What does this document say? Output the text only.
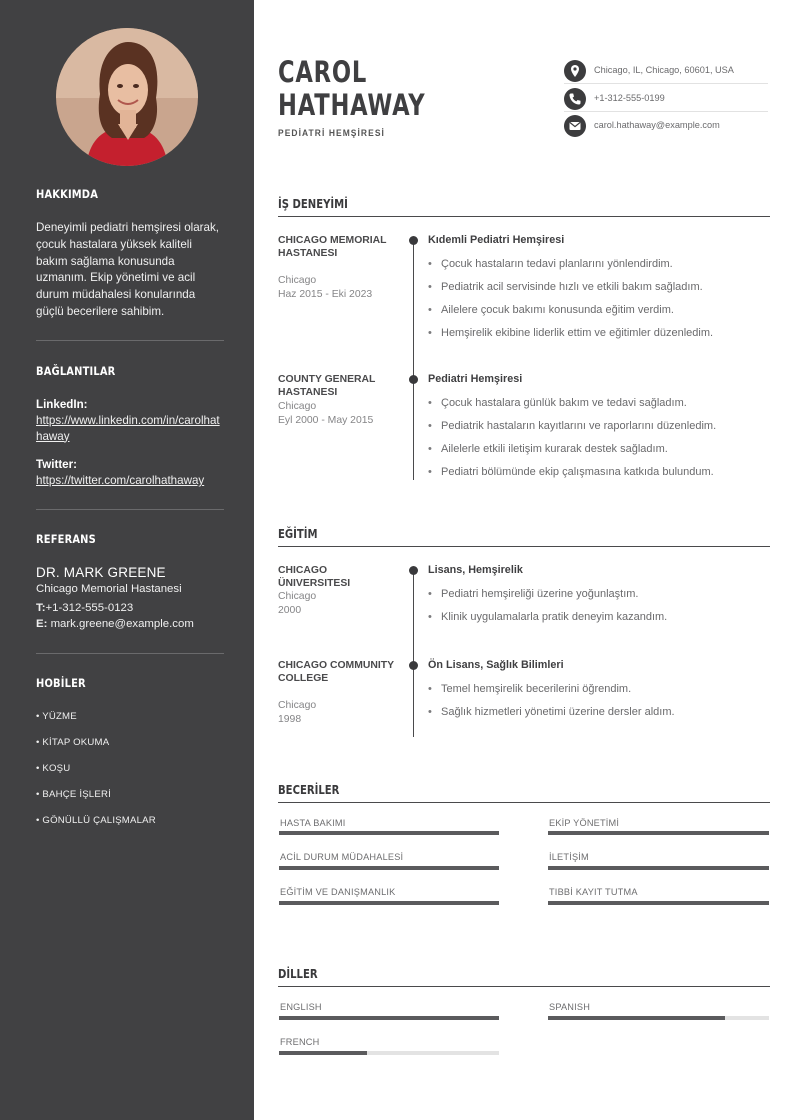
HAKKIMDA
Deneyimli pediatri hemşiresi olarak, çocuk hastalara yüksek kaliteli bakım sağlama konusunda uzmanım. Ekip yönetimi ve acil durum müdahalesi konularında güçlü becerilere sahibim.
BAĞLANTILAR
LinkedIn:
https://www.linkedin.com/in/carolhathaway
Twitter:
https://twitter.com/carolhathaway
REFERANS
DR. MARK GREENE
Chicago Memorial Hastanesi
T:+1-312-555-0123
E: mark.greene@example.com
HOBİLER
• YÜZME
• KİTAP OKUMA
• KOŞU
• BAHÇE İŞLERİ
• GÖNÜLLÜ ÇALIŞMALAR
CAROL
HATHAWAY
PEDİATRİ HEMŞİRESİ
Chicago, IL, Chicago, 60601, USA
+1-312-555-0199
carol.hathaway@example.com
İŞ DENEYİMİ
CHICAGO MEMORIAL HASTANESI
Chicago
Haz 2015 - Eki 2023
Kıdemli Pediatri Hemşiresi
• Çocuk hastaların tedavi planlarını yönlendirdim.
• Pediatrik acil servisinde hızlı ve etkili bakım sağladım.
• Ailelere çocuk bakımı konusunda eğitim verdim.
• Hemşirelik ekibine liderlik ettim ve eğitimler düzenledim.
COUNTY GENERAL HASTANESI
Chicago
Eyl 2000 - May 2015
Pediatri Hemşiresi
• Çocuk hastalara günlük bakım ve tedavi sağladım.
• Pediatrik hastaların kayıtlarını ve raporlarını düzenledim.
• Ailelerle etkili iletişim kurarak destek sağladım.
• Pediatri bölümünde ekip çalışmasına katkıda bulundum.
EĞİTİM
CHICAGO ÜNIVERSITESI
Chicago
2000
Lisans, Hemşirelik
• Pediatri hemşireliği üzerine yoğunlaştım.
• Klinik uygulamalarla pratik deneyim kazandım.
CHICAGO COMMUNITY COLLEGE
Chicago
1998
Ön Lisans, Sağlık Bilimleri
• Temel hemşirelik becerilerini öğrendim.
• Sağlık hizmetleri yönetimi üzerine dersler aldım.
BECERİLER
HASTA BAKIMI	EKİP YÖNETİMİ
ACİL DURUM MÜDAHALESİ	İLETİŞİM
EĞİTİM VE DANIŞMANLIK	TIBBİ KAYIT TUTMA
DİLLER
ENGLISH	SPANISH
FRENCH
